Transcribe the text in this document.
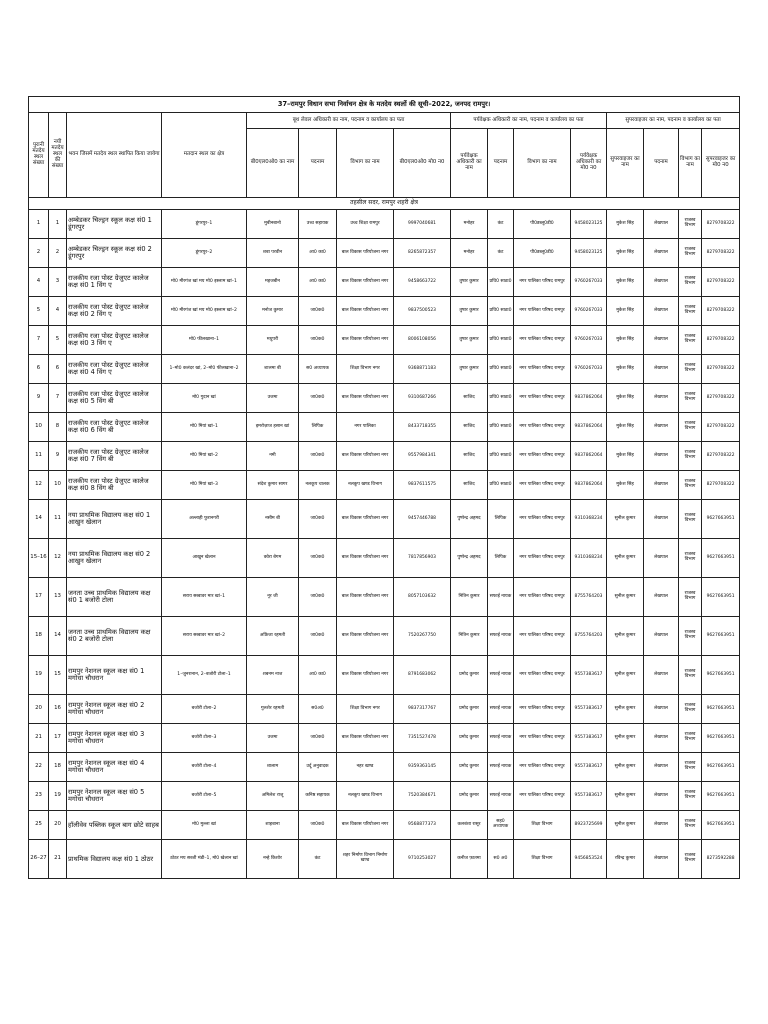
37–रामपुर विधान सभा निर्वाचन क्षेत्र के मतदेय स्थलों की सूची–2022, जनपद रामपुर।															
पुरानी मतदेय स्थल संख्या	नयी मतदेय स्थल की संख्या	भवन जिसमें मतदेय स्थल स्थापित किया जायेगा	मतदान स्थल का क्षेत्र	बूथ लेवल अधिकारी का नाम, पदनाम व कार्यालय का पता				पर्यवेक्षक अधिकारी का नाम, पदनाम व कार्यालय का पता				सुपरवाइजर का नाम, पदनाम व कार्यालय का पता			
				बी0एल0ओ0 का नाम	पदनाम	विभाग का नाम	बी0एल0ओ0 मो0 न0	पर्यवेक्षक अधिकारी का नाम	पदनाम	विभाग का नाम	पर्यवेक्षक अधिकारी का मो0 न0	सुपरवाइजर का नाम	पदनाम	विभाग का नाम	सुपरवाइजर का मो0 न0
तहसील सदर, रामपुर शहरी क्षेत्र															
1	1	अम्बेडकर चिल्ड्रन स्कूल कक्ष सं0 1 डूंगरपुर	डूंगरपुर–1	मुबीनबानो	उच्च सहायक	उच्च शिक्षा रामपुर	9997040681	मनोहर	कंट	पी0डब्लू0डी0	9458023125	मुकेश सिंह	लेखपाल	राजस्व विभाग	8279708322
2	2	अम्बेडकर चिल्ड्रन स्कूल कक्ष सं0 2 डूंगरपुर	डूंगरपुर–2	शबा परवीन	आ0 का0	बाल विकास परियोजना नगर	8265872357	मनोहर	कंट	पी0डब्लू0डी0	9458023125	मुकेश सिंह	लेखपाल	राजस्व विभाग	8279708322
4	3	राजकीय रजा पोस्ट ग्रेजुएट कालेज कक्ष सं0 1 विंग ए	मो0 मीरगंज खां मय मो0 इस्लाम खां–1	महजबीन	आ0 का0	बाल विकास परियोजना नगर	9458663722	तुषार कुमार	प्रधि0 साठा0	नगर पालिका परिषद रामपुर	9760267033	मुकेश सिंह	लेखपाल	राजस्व विभाग	8279708322
5	4	राजकीय रजा पोस्ट ग्रेजुएट कालेज कक्ष सं0 2 विंग ए	मो0 मीरगंज खां मय मो0 इस्लाम खां–2	मनोज कुमार	जा0क0	बाल विकास परियोजना नगर	9837500523	तुषार कुमार	प्रधि0 साठा0	नगर पालिका परिषद रामपुर	9760267033	मुकेश सिंह	लेखपाल	राजस्व विभाग	8279708322
7	5	राजकीय रजा पोस्ट ग्रेजुएट कालेज कक्ष सं0 3 विंग ए	मो0 फीलखाना–1	मधुपरी	जा0क0	बाल विकास परियोजना नगर	8006108056	तुषार कुमार	प्रधि0 साठा0	नगर पालिका परिषद रामपुर	9760267033	मुकेश सिंह	लेखपाल	राजस्व विभाग	8279708322
6	6	राजकीय रजा पोस्ट ग्रेजुएट कालेज कक्ष सं0 4 विंग ए	1–मो0 कलंदर खां, 2–मो0 फीलखाना–2	शालमा बी	स0 अध्यापक	शिक्षा विभाग नगर	9368871183	तुषार कुमार	प्रधि0 साठा0	नगर पालिका परिषद रामपुर	9760267033	मुकेश सिंह	लेखपाल	राजस्व विभाग	8279708322
9	7	राजकीय रजा पोस्ट ग्रेजुएट कालेज कक्ष सं0 5 विंग बी	मो0 गुदान खां	उजमा	जा0क0	बाल विकास परियोजना नगर	9310687266	साजिद	प्रधि0 साठा0	नगर पालिका परिषद रामपुर	9837862064	मुकेश सिंह	लेखपाल	राजस्व विभाग	8279708322
10	8	राजकीय रजा पोस्ट ग्रेजुएट कालेज कक्ष सं0 6 विंग बी	मो0 मियां खां–1	इमरोज़ाज हसान खां	लिपिक	नगर पालिका	8433718355	साजिद	प्रधि0 साठा0	नगर पालिका परिषद रामपुर	9837862064	मुकेश सिंह	लेखपाल	राजस्व विभाग	8279708322
11	9	राजकीय रजा पोस्ट ग्रेजुएट कालेज कक्ष सं0 7 विंग बी	मो0 मियां खां–2	नमी	जा0क0	बाल विकास परियोजना नगर	9557984341	साजिद	प्रधि0 साठा0	नगर पालिका परिषद रामपुर	9837862064	मुकेश सिंह	लेखपाल	राजस्व विभाग	8279708322
12	10	राजकीय रजा पोस्ट ग्रेजुएट कालेज कक्ष सं0 8 विंग बी	मो0 मियां खां–3	संदेश कुमार सागर	नलकूप चालक	नलकूप खण्ड विभाग	9837611575	साजिद	प्रधि0 साठा0	नगर पालिका परिषद रामपुर	9837862064	मुकेश सिंह	लेखपाल	राजस्व विभाग	8279708322
14	11	नया प्राथमिक विद्यालय कक्ष सं0 1 आखुन खेलान	अल्लाही फुरानगरी	नसीम बी	जा0क0	बाल विकास परियोजना नगर	9457446788	पुष्पेन्द्र अहमद	लिपिक	नगर पालिका परिषद रामपुर	9310368234	सुनील कुमार	लेखपाल	राजस्व विभाग	9627663951
15–16	12	नया प्राथमिक विद्यालय कक्ष सं0 2 आखुन खेलान	आखुन खेलान	क्वेरा बेगम	जा0क0	बाल विकास परियोजना नगर	7817856903	पुष्पेन्द्र अहमद	लिपिक	नगर पालिका परिषद रामपुर	9310368234	सुनील कुमार	लेखपाल	राजस्व विभाग	9627663951
17	13	जनता उच्च प्राथमिक विद्यालय कक्ष सं0 1 बजोरी टोला	सराय सब्बावर मार खां–1	नूर जी	जा0क0	बाल विकास परियोजना नगर	8057103632	नितिन कुमार	सफाई नायक	नगर पालिका परिषद रामपुर	8755764203	सुनील कुमार	लेखपाल	राजस्व विभाग	9627663951
18	14	जनता उच्च प्राथमिक विद्यालय कक्ष सं0 2 बजोरी टोला	सराय सब्बावर मार खां–2	अफ्रिजा रहमती	जा0क0	बाल विकास परियोजना नगर	7520267750	नितिन कुमार	सफाई नायक	नगर पालिका परिषद रामपुर	8755764203	सुनील कुमार	लेखपाल	राजस्व विभाग	9627663951
19	15	रामपुर नेशनल स्कूल कक्ष सं0 1 मगोधा चौधरान	1–जुनरानान, 2–बजोरी टोला–1	शबनम नाज	आ0 का0	बाल विकास परियोजना नगर	8791683062	प्रमोद कुमार	सफाई नायक	नगर पालिका परिषद रामपुर	9557383617	सुनील कुमार	लेखपाल	राजस्व विभाग	9627663951
20	16	रामपुर नेशनल स्कूल कक्ष सं0 2 मगोधा चौधरान	बजोरी टोला–2	गुलशेर रहमती	स0अ0	शिक्षा विभाग नगर	9837317767	प्रमोद कुमार	सफाई नायक	नगर पालिका परिषद रामपुर	9557383617	सुनील कुमार	लेखपाल	राजस्व विभाग	9627663951
21	17	रामपुर नेशनल स्कूल कक्ष सं0 3 मगोधा चौधरान	बजोरी टोला–3	उजमा	जा0क0	बाल विकास परियोजना नगर	7351527478	प्रमोद कुमार	सफाई नायक	नगर पालिका परिषद रामपुर	9557383617	सुनील कुमार	लेखपाल	राजस्व विभाग	9627663951
22	18	रामपुर नेशनल स्कूल कक्ष सं0 4 मगोधा चौधरान	बजोरी टोला–4	शालाम	उर्दू अनुवादक	नहर खण्ड	9359363145	प्रमोद कुमार	सफाई नायक	नगर पालिका परिषद रामपुर	9557383617	सुनील कुमार	लेखपाल	राजस्व विभाग	9627663951
23	19	रामपुर नेशनल स्कूल कक्ष सं0 5 मगोधा चौधरान	बजोरी टोला–5	अमिलेश राजू	कनिष्ठ सहायक	नलकूप खण्ड विभाग	7520384671	प्रमोद कुमार	सफाई नायक	नगर पालिका परिषद रामपुर	9557383617	सुनील कुमार	लेखपाल	राजस्व विभाग	9627663951
25	20	हॉलीवेव पब्लिक स्कूल बाग छोटे साहब	मो0 मुल्ला खां	शाहबाना	जा0क0	बाल विकास परियोजना नगर	9568877373	कलबंशा रासूर	सह0 अध्यापक	शिक्षा विभाग	8923725699	सुनील कुमार	लेखपाल	राजस्व विभाग	9627663951
26–27	21	प्राथमिक विद्यालय कक्ष सं0 1 ठोठर	ठोठर मय सब्जी मंडी–1, मो0 खेलान खां	नन्हे किशोर	कंट	शहर निर्माण विभाग निर्माण खण्ड	9710253027	कनीज फ़ातमा	स0 अ0	शिक्षा विभाग	9456853524	रविन्द्र कुमार	लेखपाल	राजस्व विभाग	8273592288
